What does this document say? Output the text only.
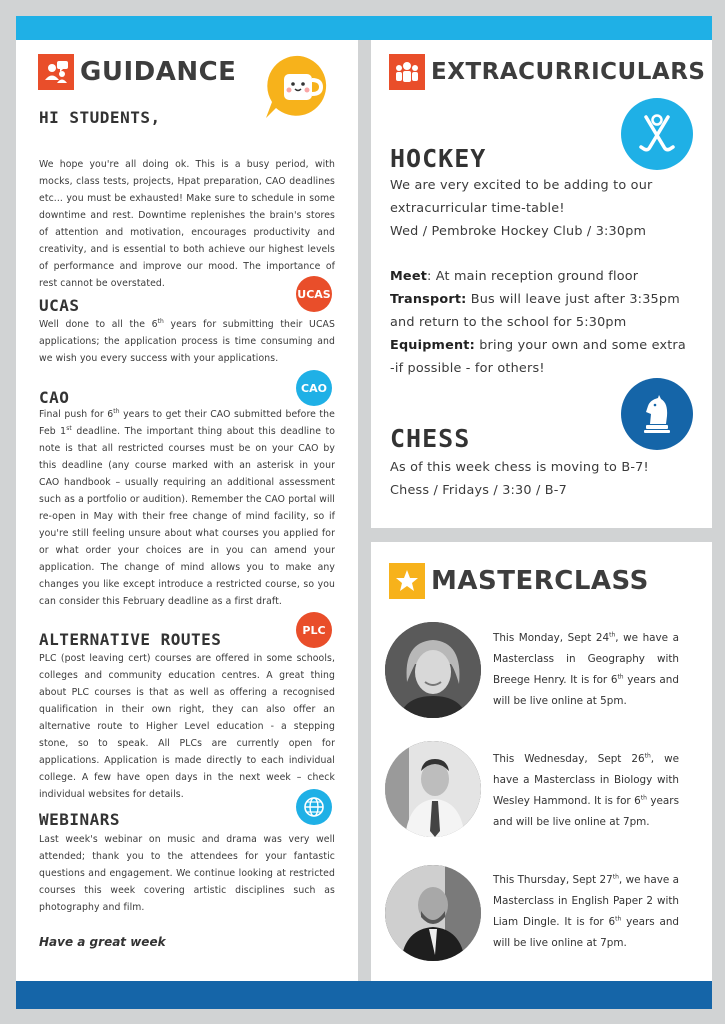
GUIDANCE
HI STUDENTS,
We hope you're all doing ok. This is a busy period, with mocks, class tests, projects, Hpat preparation, CAO deadlines etc... you must be exhausted! Make sure to schedule in some downtime and rest. Downtime replenishes the brain's stores of attention and motivation, encourages productivity and creativity, and is essential to both achieve our highest levels of performance and improve our mood. The importance of rest cannot be overstated.
UCAS
UCAS
Well done to all the 6th years for submitting their UCAS applications; the application process is time consuming and we wish you every success with your applications.
CAO	CAO
Final push for 6th years to get their CAO submitted before the Feb 1st deadline. The important thing about this deadline to note is that all restricted courses must be on your CAO by this deadline (any course marked with an asterisk in your CAO handbook – usually requiring an additional assessment such as a portfolio or audition). Remember the CAO portal will re-open in May with their free change of mind facility, so if you're still feeling unsure about what courses you applied for or what order your choices are in you can amend your application. The change of mind allows you to make any changes you like except introduce a restricted course, so you can consider this February deadline as a first draft.
ALTERNATIVE ROUTES	PLC
PLC (post leaving cert) courses are offered in some schools, colleges and community education centres. A great thing about PLC courses is that as well as offering a recognised qualification in their own right, they can also offer an alternative route to Higher Level education - a stepping stone, so to speak. All PLCs are currently open for applications. Application is made directly to each individual college. A few have open days in the next week – check individual websites for details.
WEBINARS
Last week's webinar on music and drama was very well attended; thank you to the attendees for your fantastic questions and engagement. We continue looking at restricted courses this week covering artistic disciplines such as photography and film.
Have a great week
EXTRACURRICULARS
HOCKEY
We are very excited to be adding to our extracurricular time-table!
Wed / Pembroke Hockey Club / 3:30pm
Meet: At main reception ground floor
Transport: Bus will leave just after 3:35pm and return to the school for 5:30pm
Equipment: bring your own and some extra -if possible - for others!
CHESS
As of this week chess is moving to B-7!
Chess / Fridays / 3:30 / B-7
MASTERCLASS
This Monday, Sept 24th, we have a Masterclass in Geography with Breege Henry. It is for 6th years and will be live online at 5pm.
This Wednesday, Sept 26th, we have a Masterclass in Biology with Wesley Hammond. It is for 6th years and will be live online at 7pm.
This Thursday, Sept 27th, we have a Masterclass in English Paper 2 with Liam Dingle. It is for 6th years and will be live online at 7pm.
